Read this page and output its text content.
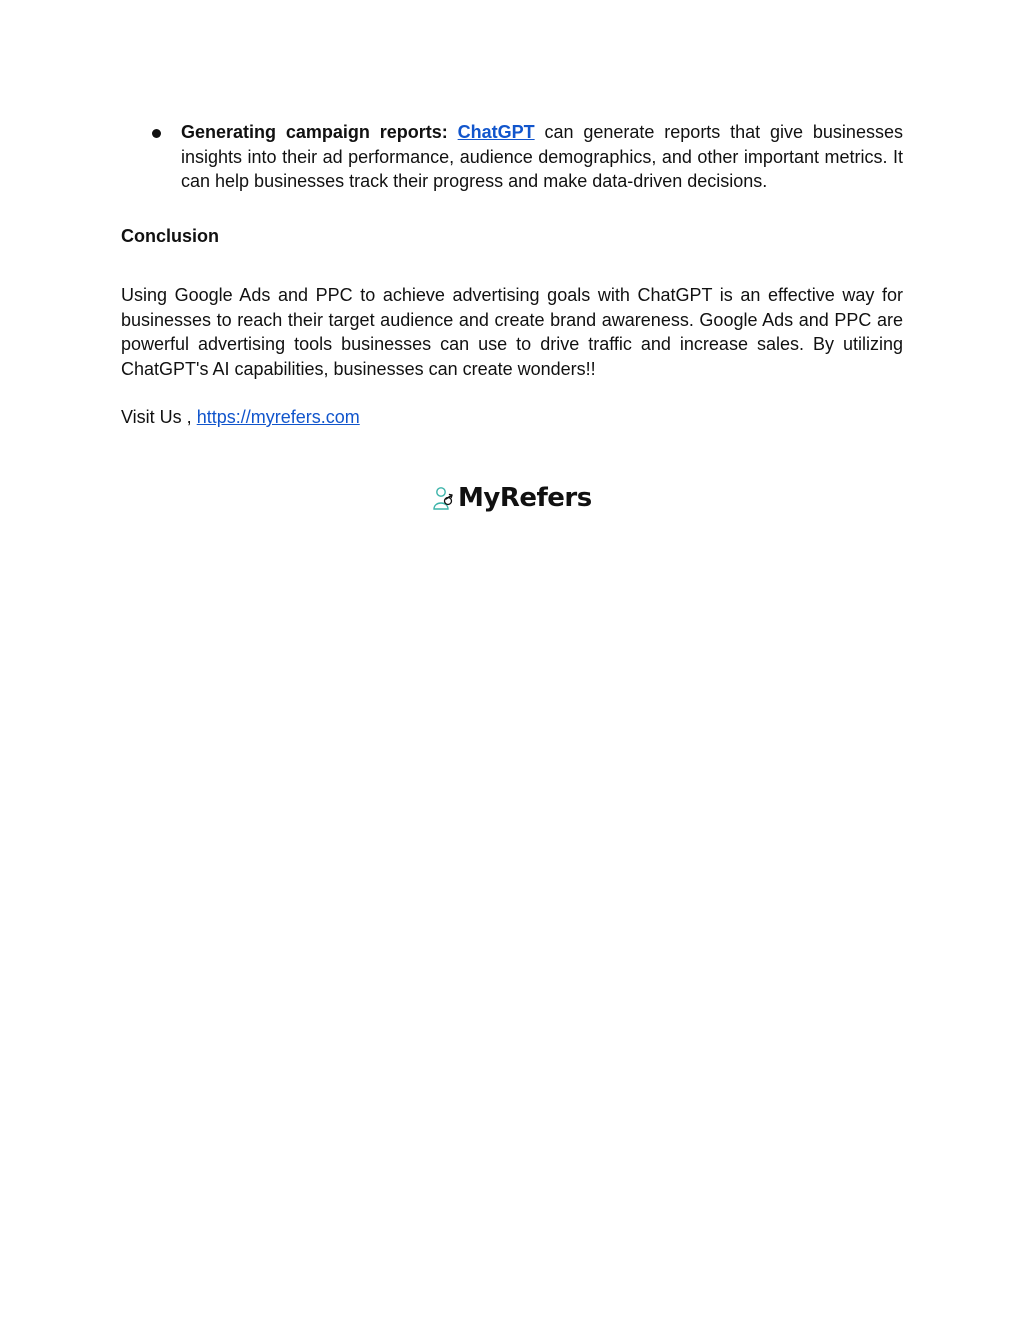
Generating campaign reports: ChatGPT can generate reports that give businesses insights into their ad performance, audience demographics, and other important metrics. It can help businesses track their progress and make data-driven decisions.
Conclusion
Using Google Ads and PPC to achieve advertising goals with ChatGPT is an effective way for businesses to reach their target audience and create brand awareness. Google Ads and PPC are powerful advertising tools businesses can use to drive traffic and increase sales. By utilizing ChatGPT's AI capabilities, businesses can create wonders!!
Visit Us , https://myrefers.com
MyRefers
